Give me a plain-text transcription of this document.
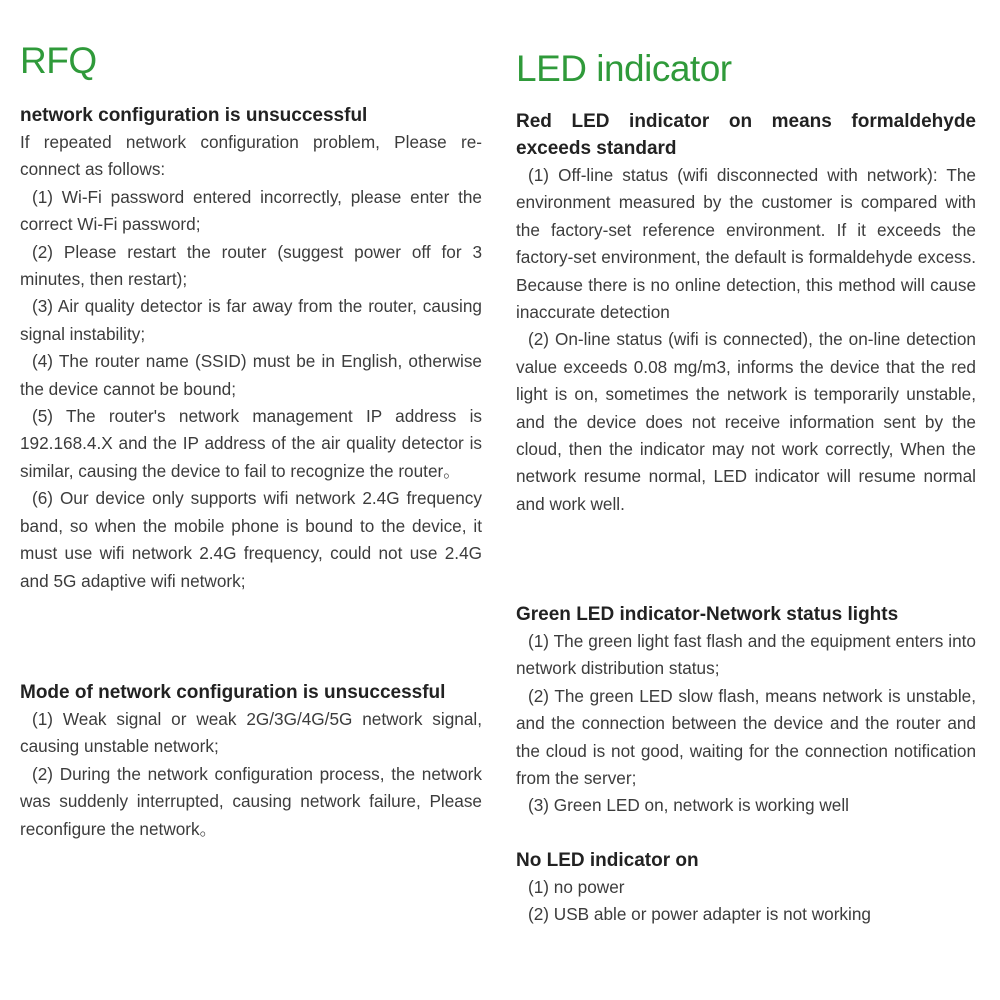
RFQ
network configuration is unsuccessful

If repeated network configuration problem, Please re-connect as follows:

(1) Wi-Fi password entered incorrectly, please enter the correct Wi-Fi password;

(2) Please restart the router (suggest power off for 3 minutes, then restart);

(3) Air quality detector is far away from the router, causing signal instability;

(4) The router name (SSID) must be in English, otherwise the device cannot be bound;

(5) The router's network management IP address is 192.168.4.X and the IP address of the air quality detector is similar, causing the device to fail to recognize the router。

(6) Our device only supports wifi network 2.4G frequency band, so when the mobile phone is bound to the device, it must use wifi network 2.4G frequency, could not use 2.4G and 5G adaptive wifi network;

Mode of network configuration is unsuccessful

(1) Weak signal or weak 2G/3G/4G/5G network signal, causing unstable network;

(2) During the network configuration process, the network was suddenly interrupted, causing network failure, Please reconfigure the network。

LED indicator
Red LED indicator on means formaldehyde exceeds standard

(1) Off-line status (wifi disconnected with network): The environment measured by the customer is compared with the factory-set reference environment. If it exceeds the factory-set environment, the default is formaldehyde excess. Because there is no online detection, this method will cause inaccurate detection

(2) On-line status (wifi is connected), the on-line detection value exceeds 0.08 mg/m3, informs the device that the red light is on, sometimes the network is temporarily unstable, and the device does not receive information sent by the cloud, then the indicator may not work correctly, When the network resume normal, LED indicator will resume normal and work well.

Green LED indicator-Network status lights

(1) The green light fast flash and the equipment enters into network distribution status;

(2) The green LED slow flash, means network is unstable, and the connection between the device and the router and the cloud is not good, waiting for the connection notification from the server;

(3) Green LED on, network is working well

No LED indicator on

(1) no power

(2) USB able or power adapter is not working
